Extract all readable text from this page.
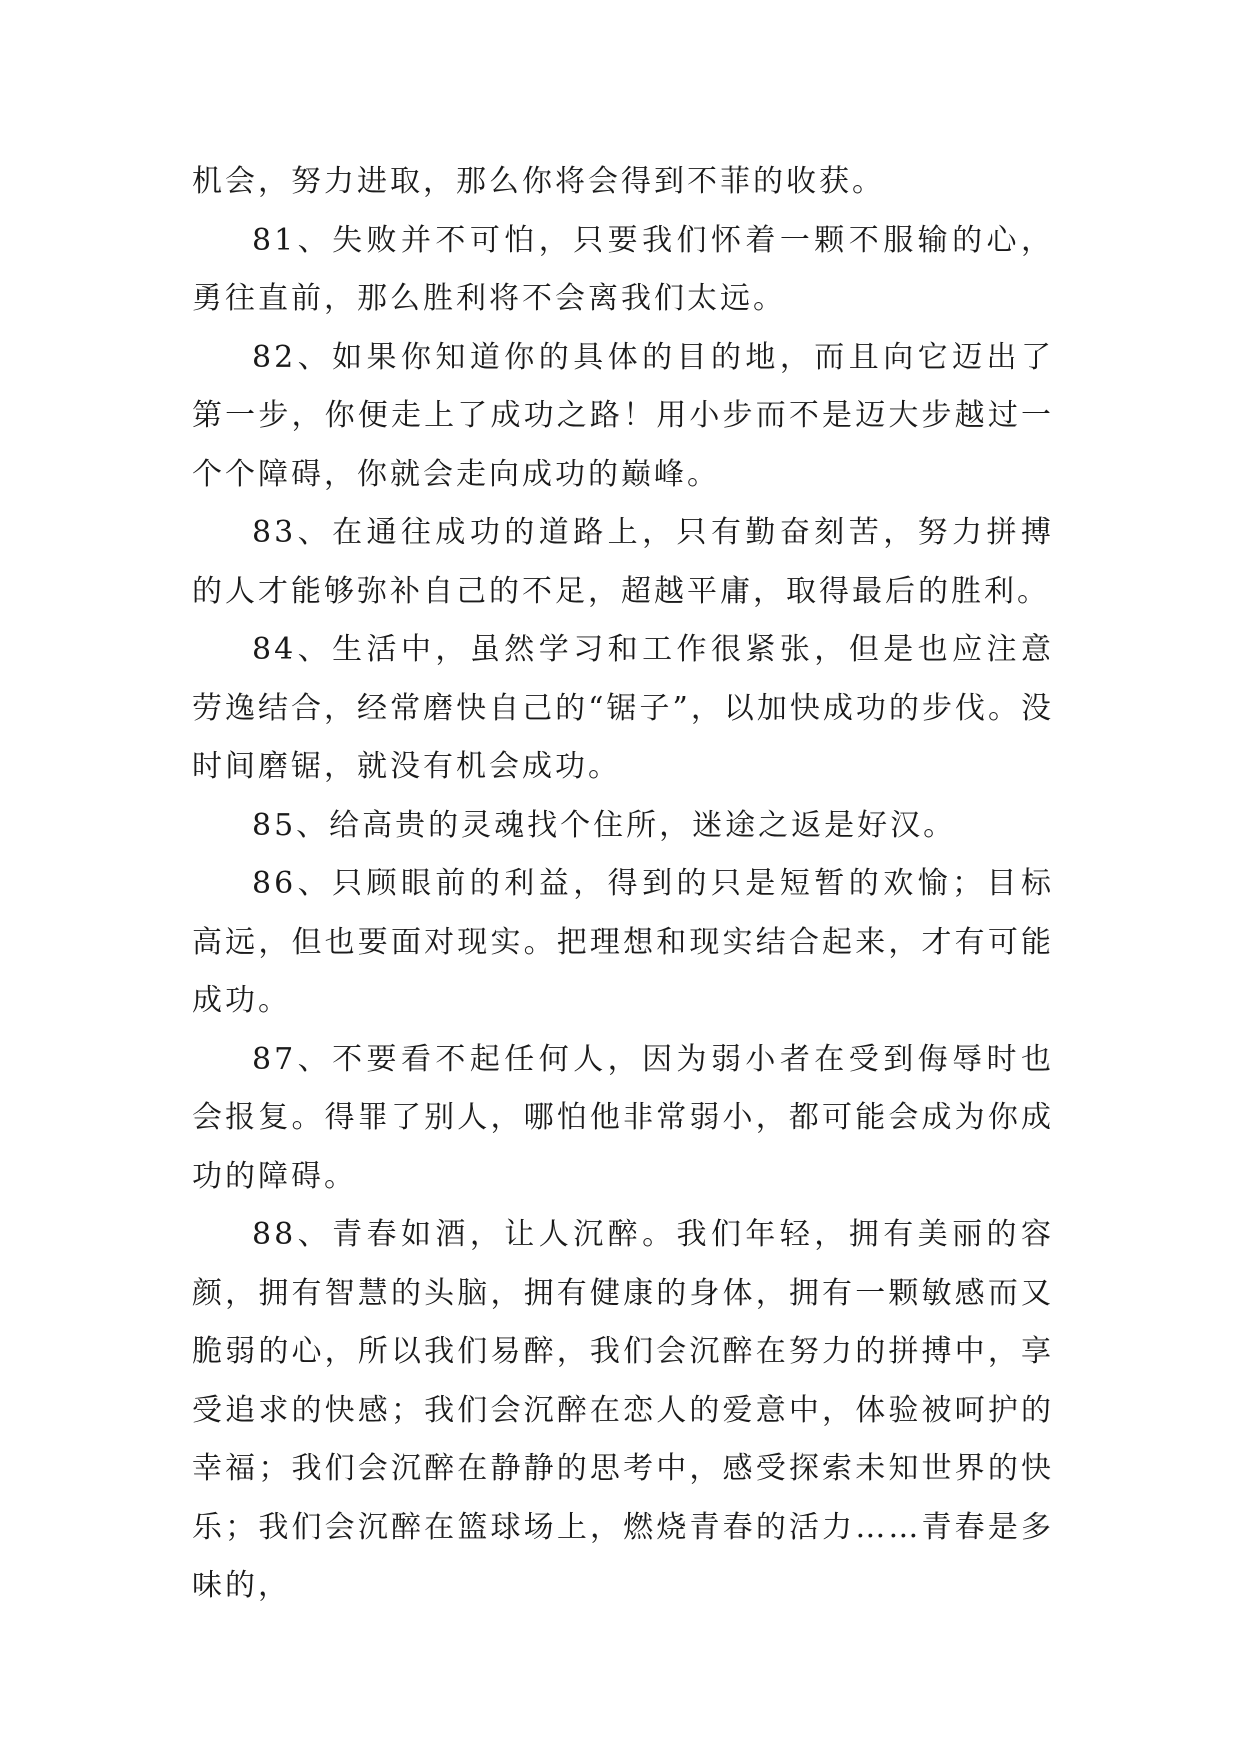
机会，努力进取，那么你将会得到不菲的收获。

81、失败并不可怕，只要我们怀着一颗不服输的心，勇往直前，那么胜利将不会离我们太远。

82、如果你知道你的具体的目的地，而且向它迈出了第一步，你便走上了成功之路！用小步而不是迈大步越过一个个障碍，你就会走向成功的巅峰。

83、在通往成功的道路上，只有勤奋刻苦，努力拼搏的人才能够弥补自己的不足，超越平庸，取得最后的胜利。

84、生活中，虽然学习和工作很紧张，但是也应注意劳逸结合，经常磨快自己的“锯子”，以加快成功的步伐。没时间磨锯，就没有机会成功。

85、给高贵的灵魂找个住所，迷途之返是好汉。

86、只顾眼前的利益，得到的只是短暂的欢愉；目标高远，但也要面对现实。把理想和现实结合起来，才有可能成功。

87、不要看不起任何人，因为弱小者在受到侮辱时也会报复。得罪了别人，哪怕他非常弱小，都可能会成为你成功的障碍。

88、青春如酒，让人沉醉。我们年轻，拥有美丽的容颜，拥有智慧的头脑，拥有健康的身体，拥有一颗敏感而又脆弱的心，所以我们易醉，我们会沉醉在努力的拼搏中，享受追求的快感；我们会沉醉在恋人的爱意中，体验被呵护的幸福；我们会沉醉在静静的思考中，感受探索未知世界的快乐；我们会沉醉在篮球场上，燃烧青春的活力……青春是多味的，
